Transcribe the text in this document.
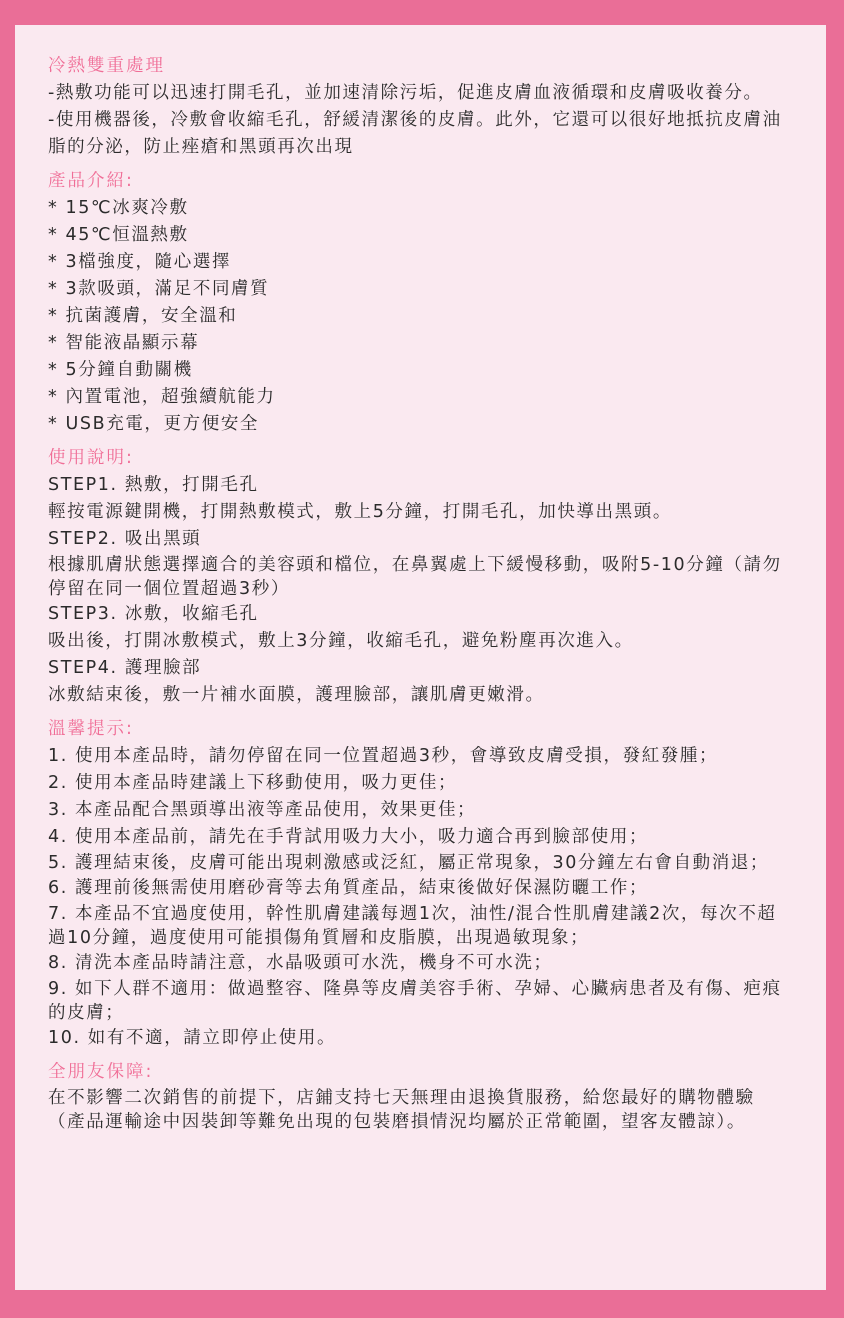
冷熱雙重處理

-熱敷功能可以迅速打開毛孔，並加速清除污垢，促進皮膚血液循環和皮膚吸收養分。

-使用機器後，冷敷會收縮毛孔，舒緩清潔後的皮膚。此外，它還可以很好地抵抗皮膚油脂的分泌，防止痤瘡和黑頭再次出現

產品介紹:

* 15℃冰爽冷敷

* 45℃恒溫熱敷

* 3檔強度，隨心選擇

* 3款吸頭，滿足不同膚質

* 抗菌護膚，安全溫和

* 智能液晶顯示幕

* 5分鐘自動關機

* 內置電池，超強續航能力

* USB充電，更方便安全

使用說明:

STEP1. 熱敷，打開毛孔

輕按電源鍵開機，打開熱敷模式，敷上5分鐘，打開毛孔，加快導出黑頭。

STEP2. 吸出黑頭

根據肌膚狀態選擇適合的美容頭和檔位，在鼻翼處上下緩慢移動，吸附5-10分鐘（請勿停留在同一個位置超過3秒）

STEP3. 冰敷，收縮毛孔

吸出後，打開冰敷模式，敷上3分鐘，收縮毛孔，避免粉塵再次進入。

STEP4. 護理臉部

冰敷結束後，敷一片補水面膜，護理臉部，讓肌膚更嫩滑。

溫馨提示:

1. 使用本產品時，請勿停留在同一位置超過3秒，會導致皮膚受損，發紅發腫；

2. 使用本產品時建議上下移動使用，吸力更佳；

3. 本產品配合黑頭導出液等產品使用，效果更佳；

4. 使用本產品前，請先在手背試用吸力大小，吸力適合再到臉部使用；

5. 護理結束後，皮膚可能出現刺激感或泛紅，屬正常現象，30分鐘左右會自動消退；

6. 護理前後無需使用磨砂膏等去角質產品，結束後做好保濕防曬工作；

7. 本產品不宜過度使用，幹性肌膚建議每週1次，油性/混合性肌膚建議2次，每次不超過10分鐘，過度使用可能損傷角質層和皮脂膜，出現過敏現象；

8. 清洗本產品時請注意，水晶吸頭可水洗，機身不可水洗；

9. 如下人群不適用：做過整容、隆鼻等皮膚美容手術、孕婦、心臟病患者及有傷、疤痕的皮膚；

10. 如有不適，請立即停止使用。

全朋友保障:

在不影響二次銷售的前提下，店鋪支持七天無理由退換貨服務，給您最好的購物體驗（產品運輸途中因裝卸等難免出現的包裝磨損情況均屬於正常範圍，望客友體諒）。
